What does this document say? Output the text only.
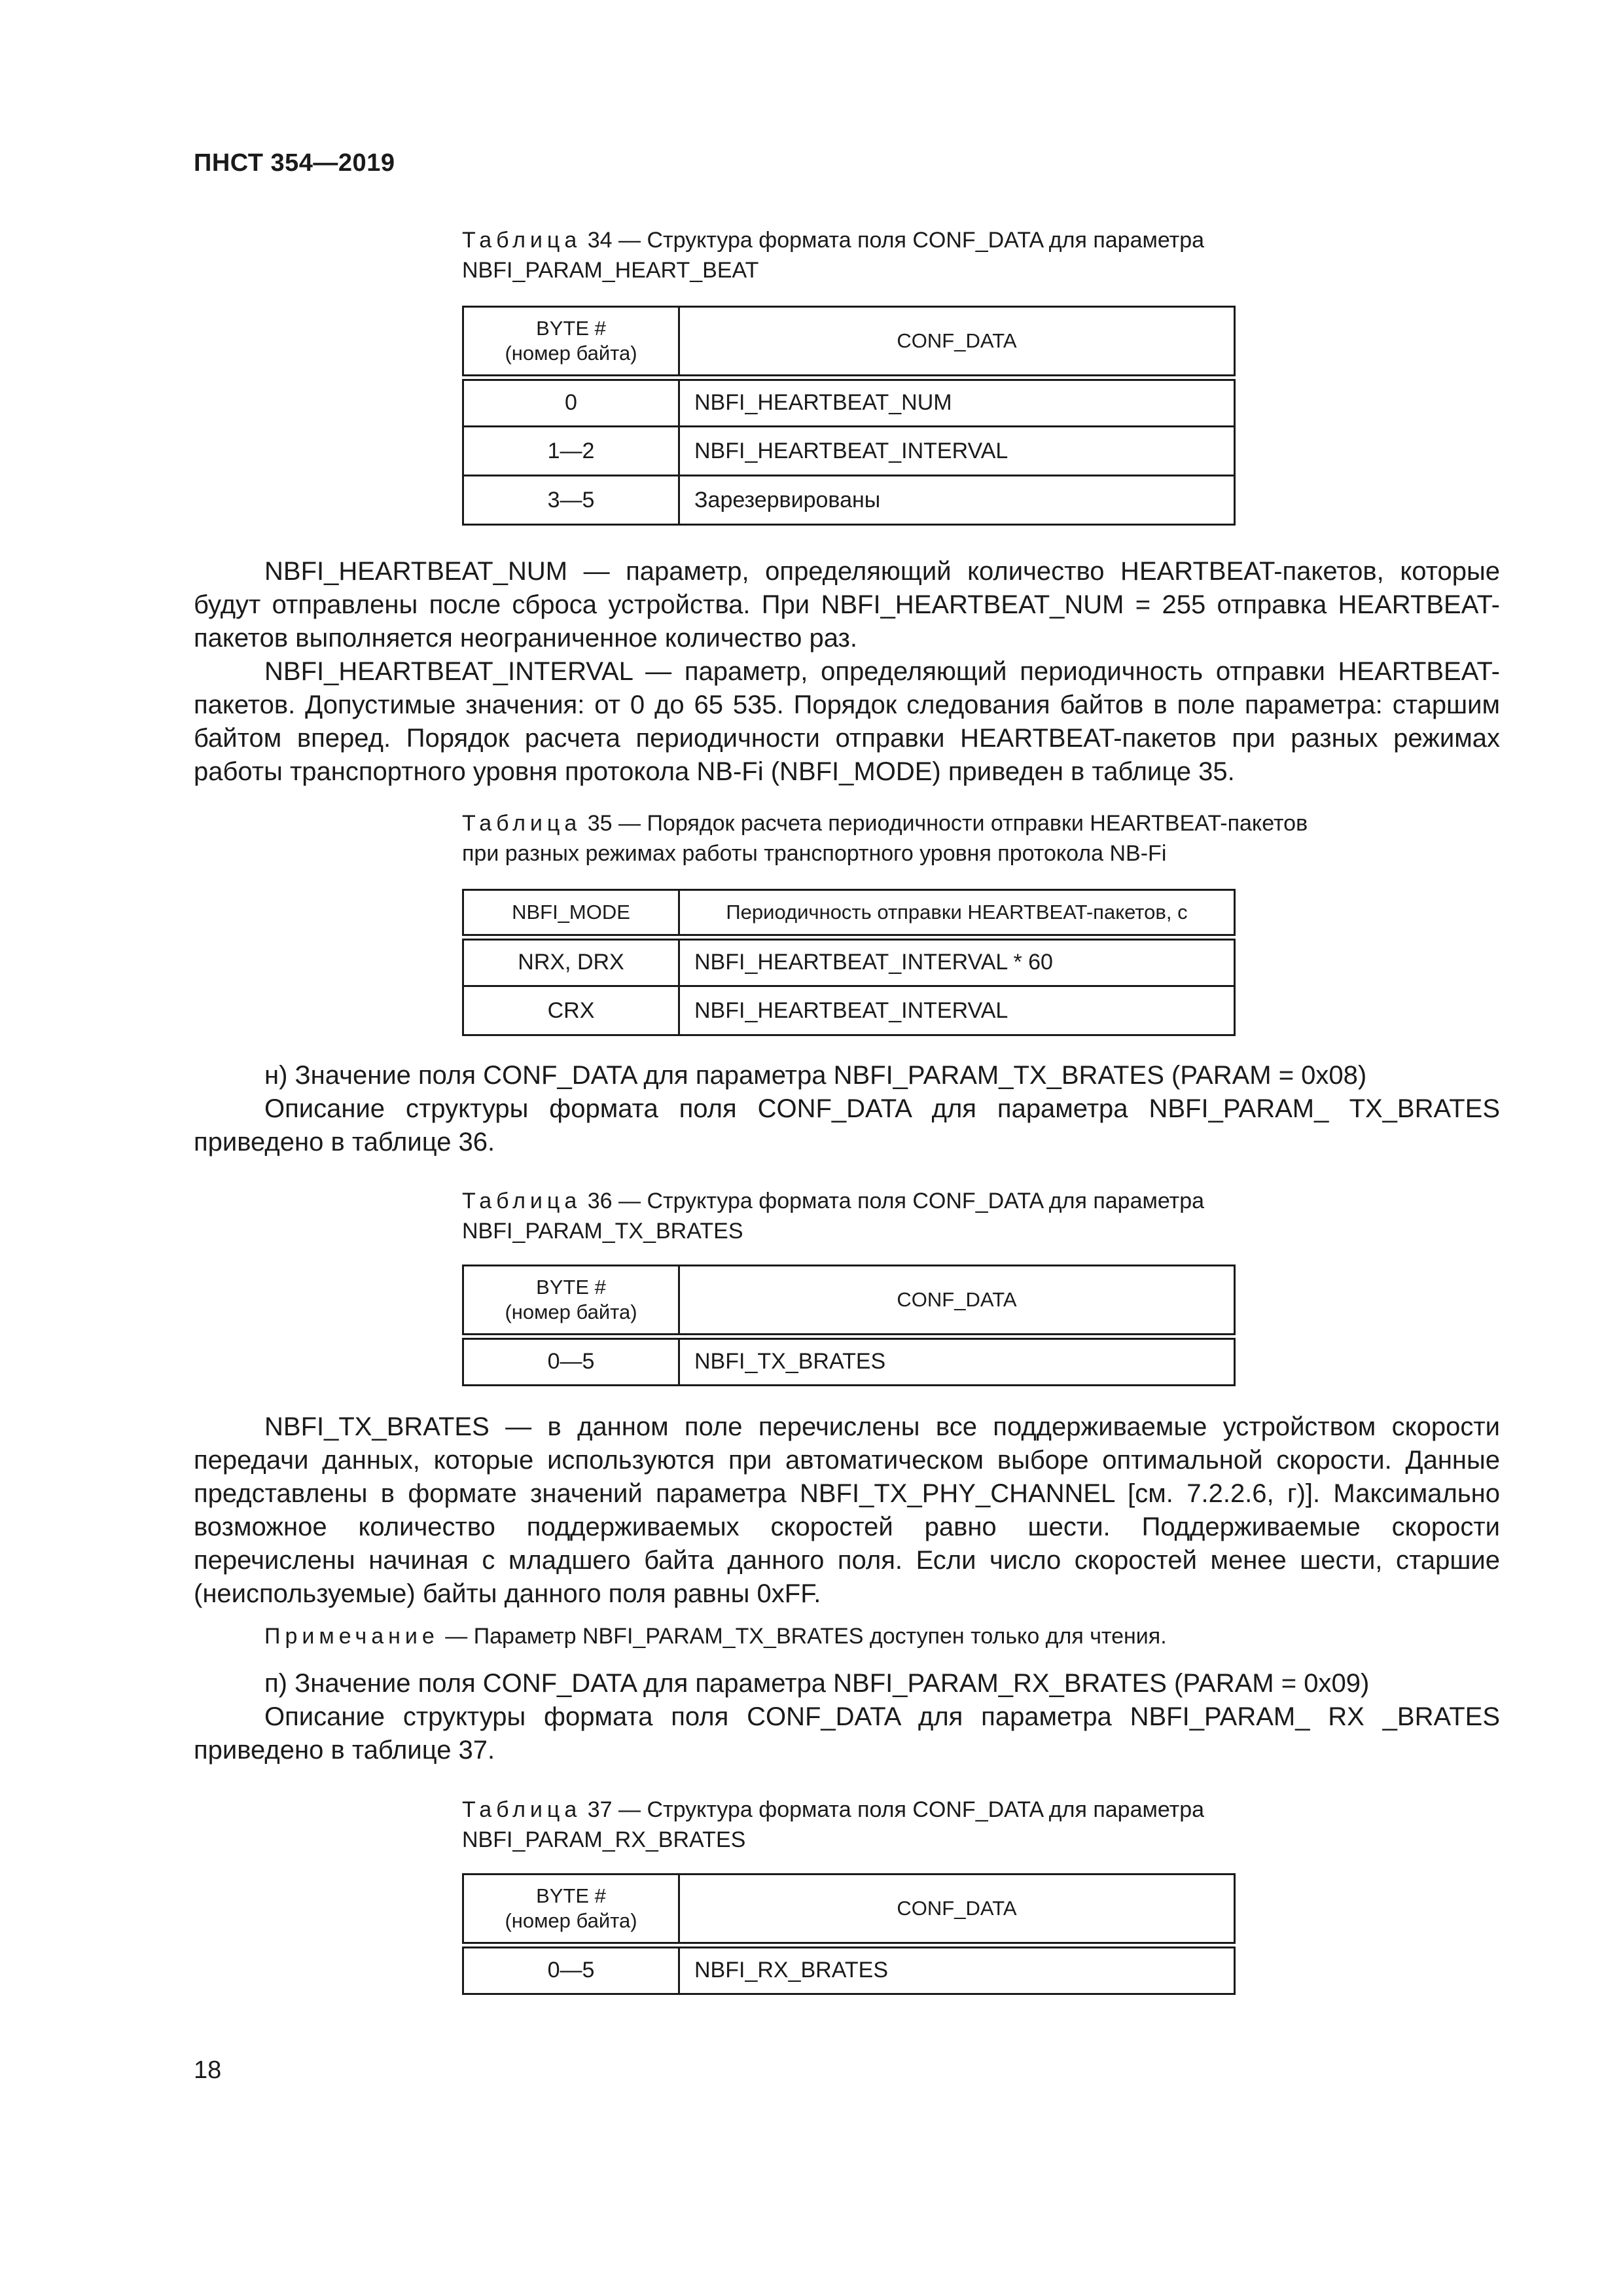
ПНСТ 354—2019
Таблица 34 — Структура формата поля CONF_DATA для параметра
NBFI_PARAM_HEART_BEAT
BYTE #
(номер байта)	CONF_DATA
0	NBFI_HEARTBEAT_NUM
1—2	NBFI_HEARTBEAT_INTERVAL
3—5	Зарезервированы

NBFI_HEARTBEAT_NUM — параметр, определяющий количество HEARTBEAT-пакетов, которые будут отправлены после сброса устройства. При NBFI_HEARTBEAT_NUM = 255 отправка HEARTBEAT-пакетов выполняется неограниченное количество раз.

NBFI_HEARTBEAT_INTERVAL — параметр, определяющий периодичность отправки HEARTBEAT-пакетов. Допустимые значения: от 0 до 65 535. Порядок следования байтов в поле параметра: старшим байтом вперед. Порядок расчета периодичности отправки HEARTBEAT-пакетов при разных режимах работы транспортного уровня протокола NB-Fi (NBFI_MODE) приведен в таблице 35.

Таблица 35 — Порядок расчета периодичности отправки HEARTBEAT-пакетов
при разных режимах работы транспортного уровня протокола NB-Fi
NBFI_MODE	Периодичность отправки HEARTBEAT-пакетов, с
NRX, DRX	NBFI_HEARTBEAT_INTERVAL * 60
CRX	NBFI_HEARTBEAT_INTERVAL

н) Значение поля CONF_DATA для параметра NBFI_PARAM_TX_BRATES (PARAM = 0x08)

Описание структуры формата поля CONF_DATA для параметра NBFI_PARAM_ TX_BRATES приведено в таблице 36.

Таблица 36 — Структура формата поля CONF_DATA для параметра
NBFI_PARAM_TX_BRATES
BYTE #
(номер байта)	CONF_DATA
0—5	NBFI_TX_BRATES

NBFI_TX_BRATES — в данном поле перечислены все поддерживаемые устройством скорости передачи данных, которые используются при автоматическом выборе оптимальной скорости. Данные представлены в формате значений параметра NBFI_TX_PHY_CHANNEL [см. 7.2.2.6, г)]. Максимально возможное количество поддерживаемых скоростей равно шести. Поддерживаемые скорости перечислены начиная с младшего байта данного поля. Если число скоростей менее шести, старшие (неиспользуемые) байты данного поля равны 0xFF.

Примечание — Параметр NBFI_PARAM_TX_BRATES доступен только для чтения.

п) Значение поля CONF_DATA для параметра NBFI_PARAM_RX_BRATES (PARAM = 0x09)

Описание структуры формата поля CONF_DATA для параметра NBFI_PARAM_ RX _BRATES приведено в таблице 37.

Таблица 37 — Структура формата поля CONF_DATA для параметра
NBFI_PARAM_RX_BRATES
BYTE #
(номер байта)	CONF_DATA
0—5	NBFI_RX_BRATES
18
